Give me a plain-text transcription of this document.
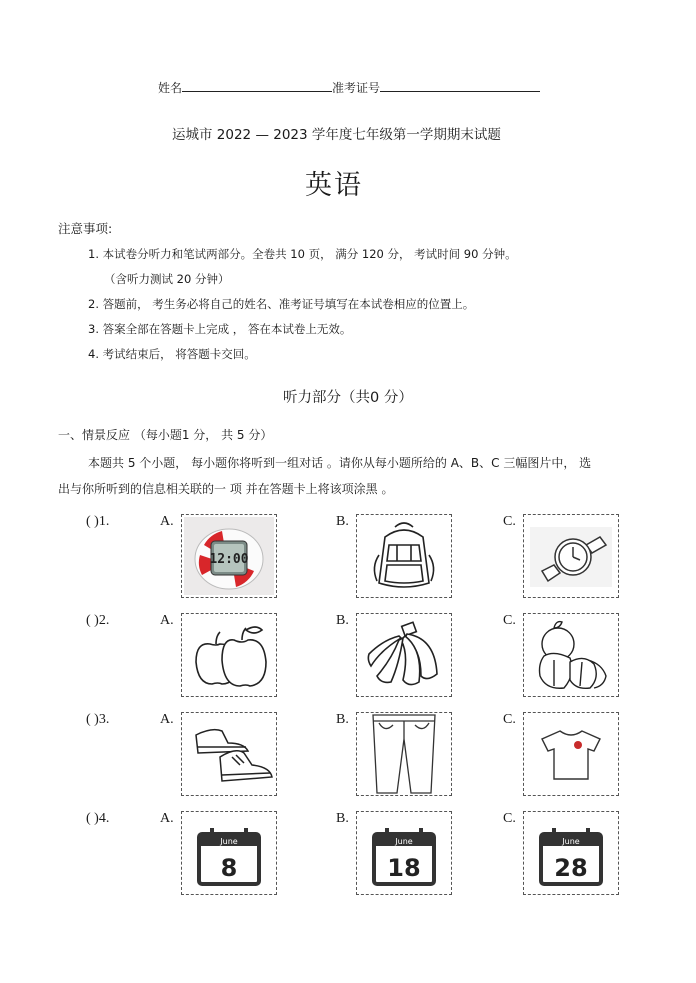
姓名	准考证号
运城市 2022 — 2023 学年度七年级第一学期期末试题
英语
注意事项:
1. 本试卷分听力和笔试两部分。全卷共 10 页， 满分 120 分， 考试时间 90 分钟。
（含听力测试 20 分钟）
2. 答题前， 考生务必将自己的姓名、准考证号填写在本试卷相应的位置上。
3. 答案全部在答题卡上完成 ， 答在本试卷上无效。
4. 考试结束后， 将答题卡交回。
听力部分（共0 分）
一、情景反应 （每小题1 分， 共 5 分）
本题共 5 个小题， 每小题你将听到一组对话 。请你从每小题所给的 A、B、C 三幅图片中， 选
出与你所听到的信息相关联的一 项 并在答题卡上将该项涂黑 。
( )1.	A.
12:00
B.	C.
( )2.	A.	B.	C.
( )3.	A.	B.	C.
( )4.	A.
June
8
B.
June
18
C.
June
28
